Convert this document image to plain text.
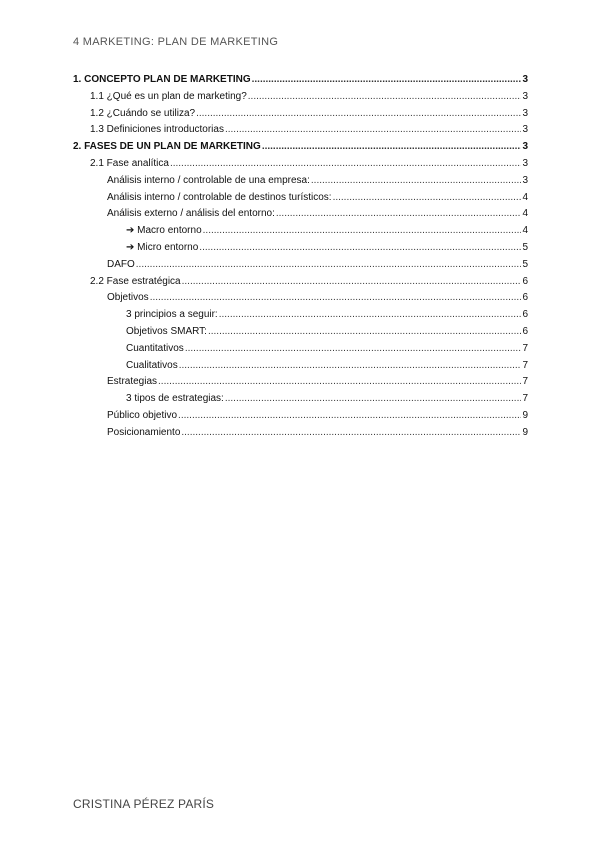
4 MARKETING: PLAN DE MARKETING
1. CONCEPTO PLAN DE MARKETING .....	3
1.1 ¿Qué es un plan de marketing? .....	3
1.2 ¿Cuándo se utiliza? .....	3
1.3 Definiciones introductorias .....	3
2. FASES DE UN PLAN DE MARKETING .....	3
2.1 Fase analítica .....	3
Análisis interno / controlable de una empresa: .....	3
Análisis interno / controlable de destinos turísticos: .....	4
Análisis externo / análisis del entorno: .....	4
➔ Macro entorno .....	4
➔ Micro entorno .....	5
DAFO .....	5
2.2 Fase estratégica .....	6
Objetivos .....	6
3 principios a seguir: .....	6
Objetivos SMART: .....	6
Cuantitativos .....	7
Cualitativos .....	7
Estrategias .....	7
3 tipos de estrategias: .....	7
Público objetivo .....	9
Posicionamiento .....	9
CRISTINA PÉREZ PARÍS
